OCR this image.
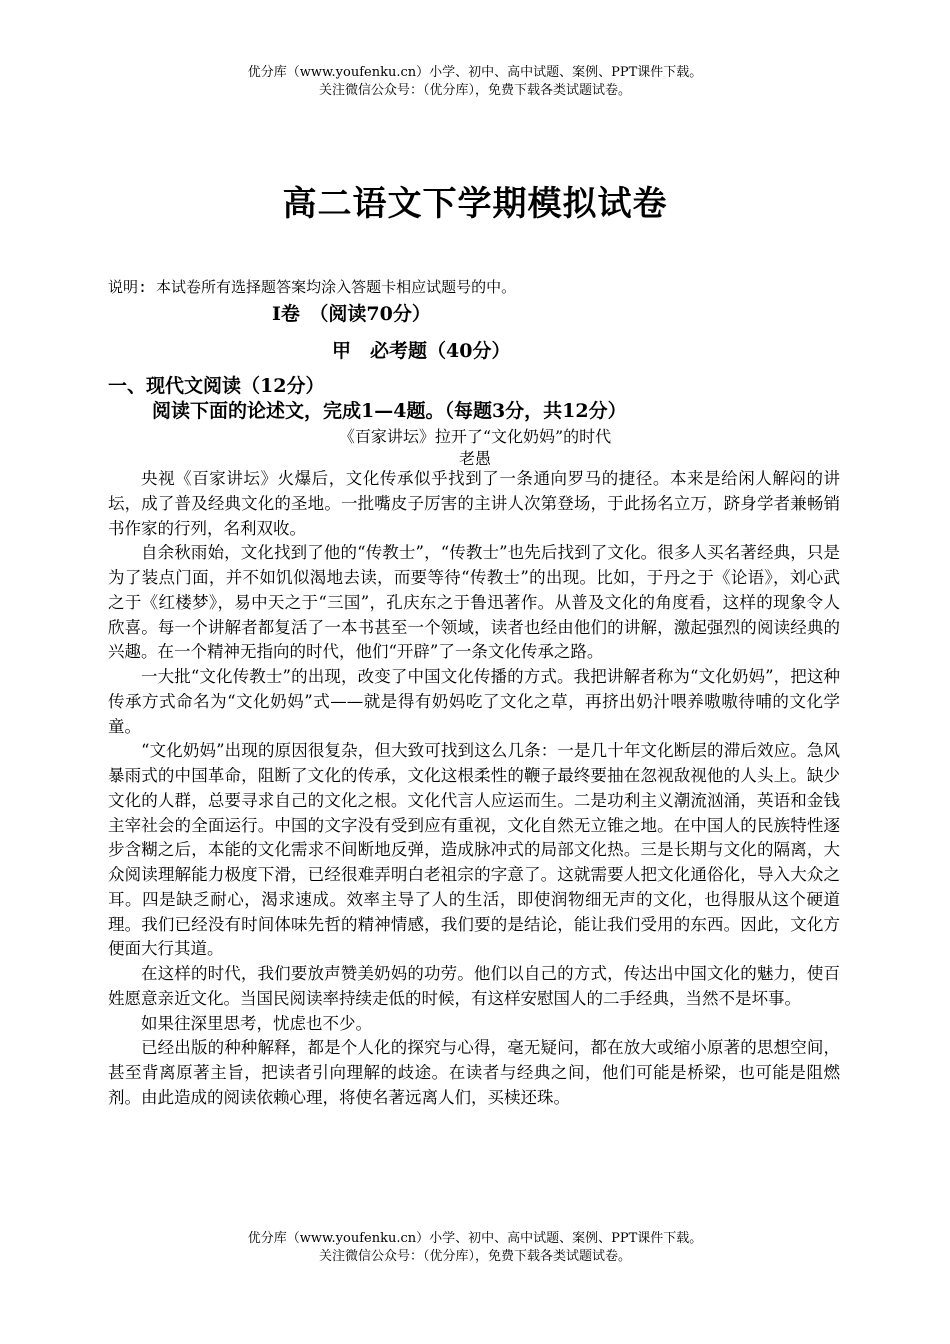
优分库（www.youfenku.cn）小学、初中、高中试题、案例、PPT课件下载。
关注微信公众号：（优分库），免费下载各类试题试卷。
高二语文下学期模拟试卷
说明: 本试卷所有选择题答案均涂入答题卡相应试题号的中。
Ⅰ卷　（阅读70分）
甲　必考题（40分）
一、现代文阅读（12分）
阅读下面的论述文，完成1—4题。（每题3分，共12分）
《百家讲坛》拉开了“文化奶妈”的时代
老愚

央视《百家讲坛》火爆后，文化传承似乎找到了一条通向罗马的捷径。本来是给闲人解闷的讲坛，成了普及经典文化的圣地。一批嘴皮子厉害的主讲人次第登场，于此扬名立万，跻身学者兼畅销书作家的行列，名利双收。

自余秋雨始，文化找到了他的“传教士”，“传教士”也先后找到了文化。很多人买名著经典，只是为了装点门面，并不如饥似渴地去读，而要等待“传教士”的出现。比如，于丹之于《论语》，刘心武之于《红楼梦》，易中天之于“三国”，孔庆东之于鲁迅著作。从普及文化的角度看，这样的现象令人欣喜。每一个讲解者都复活了一本书甚至一个领域，读者也经由他们的讲解，激起强烈的阅读经典的兴趣。在一个精神无指向的时代，他们“开辟”了一条文化传承之路。

一大批“文化传教士”的出现，改变了中国文化传播的方式。我把讲解者称为“文化奶妈”，把这种传承方式命名为“文化奶妈”式——就是得有奶妈吃了文化之草，再挤出奶汁喂养嗷嗷待哺的文化学童。

“文化奶妈”出现的原因很复杂，但大致可找到这么几条：一是几十年文化断层的滞后效应。急风暴雨式的中国革命，阻断了文化的传承，文化这根柔性的鞭子最终要抽在忽视敌视他的人头上。缺少文化的人群，总要寻求自己的文化之根。文化代言人应运而生。二是功利主义潮流汹涌，英语和金钱主宰社会的全面运行。中国的文字没有受到应有重视，文化自然无立锥之地。在中国人的民族特性逐步含糊之后，本能的文化需求不间断地反弹，造成脉冲式的局部文化热。三是长期与文化的隔离，大众阅读理解能力极度下滑，已经很难弄明白老祖宗的字意了。这就需要人把文化通俗化，导入大众之耳。四是缺乏耐心，渴求速成。效率主导了人的生活，即使润物细无声的文化，也得服从这个硬道理。我们已经没有时间体味先哲的精神情感，我们要的是结论，能让我们受用的东西。因此，文化方便面大行其道。

在这样的时代，我们要放声赞美奶妈的功劳。他们以自己的方式，传达出中国文化的魅力，使百姓愿意亲近文化。当国民阅读率持续走低的时候，有这样安慰国人的二手经典，当然不是坏事。

如果往深里思考，忧虑也不少。

已经出版的种种解释，都是个人化的探究与心得，毫无疑问，都在放大或缩小原著的思想空间，甚至背离原著主旨，把读者引向理解的歧途。在读者与经典之间，他们可能是桥梁，也可能是阻燃剂。由此造成的阅读依赖心理，将使名著远离人们，买椟还珠。

优分库（www.youfenku.cn）小学、初中、高中试题、案例、PPT课件下载。
关注微信公众号：（优分库），免费下载各类试题试卷。
